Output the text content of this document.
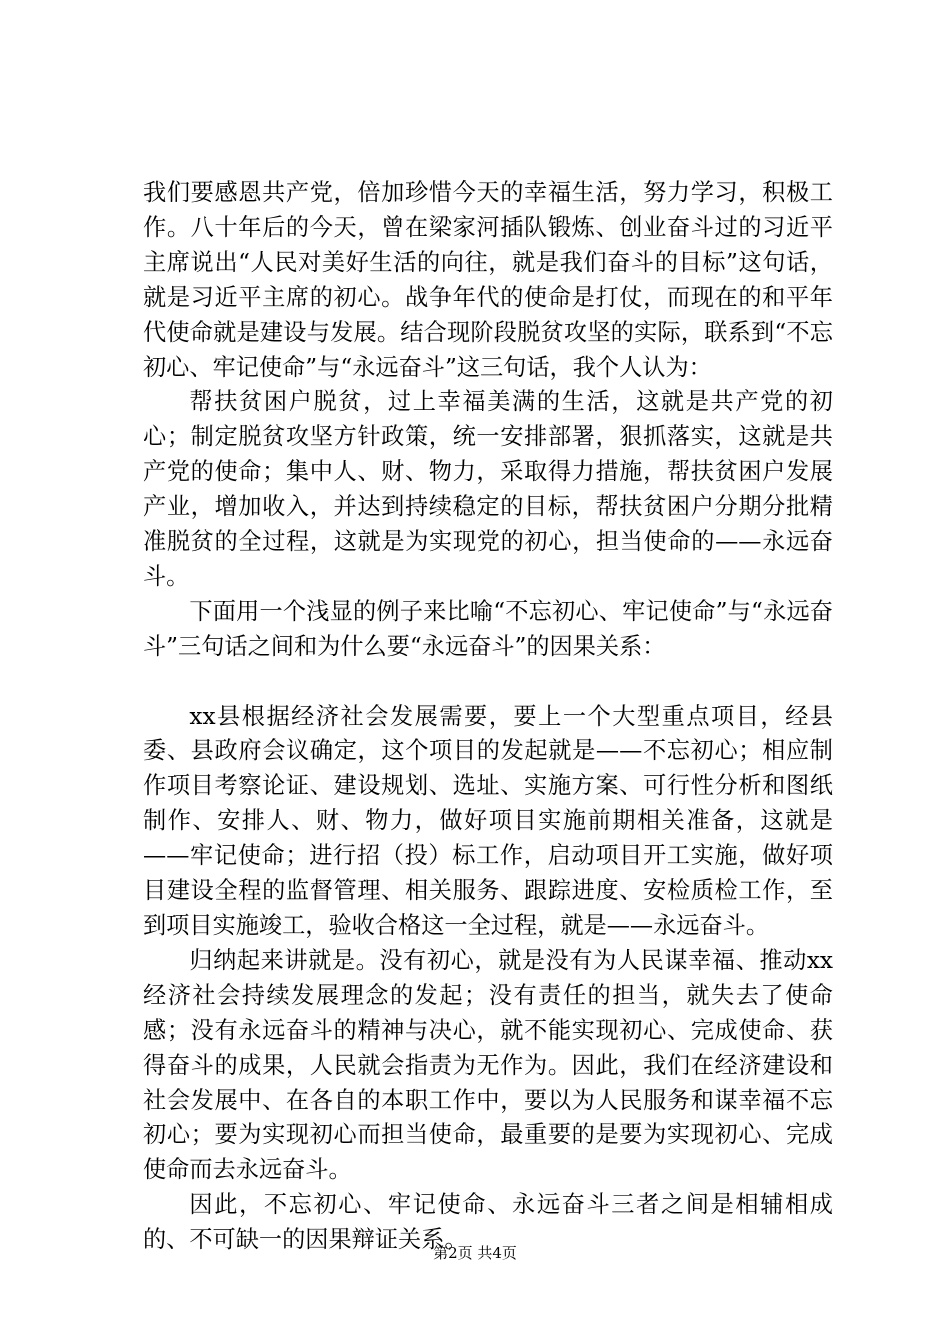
我们要感恩共产党，倍加珍惜今天的幸福生活，努力学习，积极工作。八十年后的今天，曾在梁家河插队锻炼、创业奋斗过的习近平主席说出“人民对美好生活的向往，就是我们奋斗的目标”这句话，就是习近平主席的初心。战争年代的使命是打仗，而现在的和平年代使命就是建设与发展。结合现阶段脱贫攻坚的实际，联系到“不忘初心、牢记使命”与“永远奋斗”这三句话，我个人认为：

帮扶贫困户脱贫，过上幸福美满的生活，这就是共产党的初心；制定脱贫攻坚方针政策，统一安排部署，狠抓落实，这就是共产党的使命；集中人、财、物力，采取得力措施，帮扶贫困户发展产业，增加收入，并达到持续稳定的目标，帮扶贫困户分期分批精准脱贫的全过程，这就是为实现党的初心，担当使命的——永远奋斗。

下面用一个浅显的例子来比喻“不忘初心、牢记使命”与“永远奋斗”三句话之间和为什么要“永远奋斗”的因果关系：

xx县根据经济社会发展需要，要上一个大型重点项目，经县委、县政府会议确定，这个项目的发起就是——不忘初心；相应制作项目考察论证、建设规划、选址、实施方案、可行性分析和图纸制作、安排人、财、物力，做好项目实施前期相关准备，这就是——牢记使命；进行招（投）标工作，启动项目开工实施，做好项目建设全程的监督管理、相关服务、跟踪进度、安检质检工作，至到项目实施竣工，验收合格这一全过程，就是——永远奋斗。

归纳起来讲就是。没有初心，就是没有为人民谋幸福、推动xx经济社会持续发展理念的发起；没有责任的担当，就失去了使命感；没有永远奋斗的精神与决心，就不能实现初心、完成使命、获得奋斗的成果，人民就会指责为无作为。因此，我们在经济建设和社会发展中、在各自的本职工作中，要以为人民服务和谋幸福不忘初心；要为实现初心而担当使命，最重要的是要为实现初心、完成使命而去永远奋斗。

因此，不忘初心、牢记使命、永远奋斗三者之间是相辅相成的、不可缺一的因果辩证关系。

第2页 共4页
